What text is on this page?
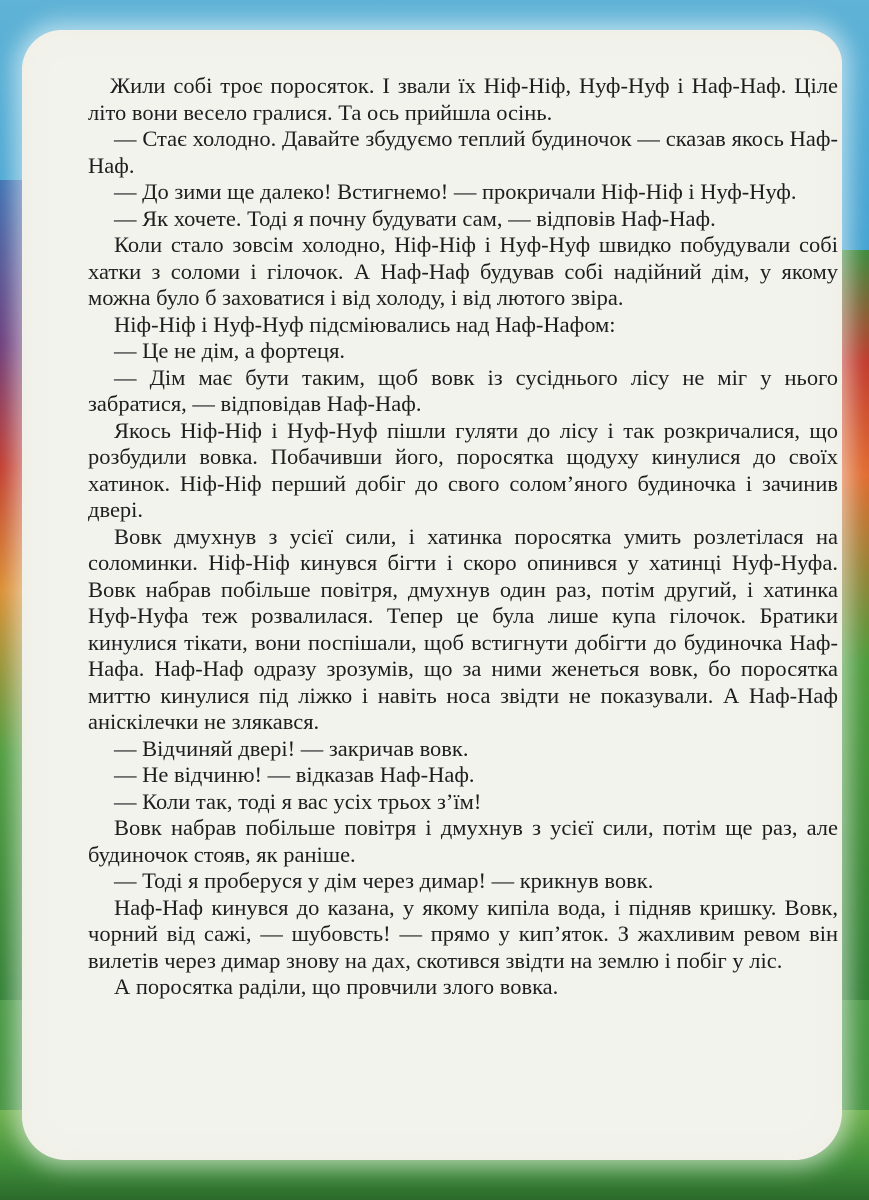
Жили собі троє поросяток. І звали їх Ніф-Ніф, Нуф-Нуф і Наф-Наф. Ціле літо вони весело гралися. Та ось прийшла осінь.

— Стає холодно. Давайте збудуємо теплий будиночок — сказав якось Наф-Наф.

— До зими ще далеко! Встигнемо! — прокричали Ніф-Ніф і Нуф-Нуф.

— Як хочете. Тоді я почну будувати сам, — відповів Наф-Наф.

Коли стало зовсім холодно, Ніф-Ніф і Нуф-Нуф швидко побудували собі хатки з соломи і гілочок. А Наф-Наф будував собі надійний дім, у якому можна було б заховатися і від холоду, і від лютого звіра.

Ніф-Ніф і Нуф-Нуф підсміювались над Наф-Нафом:

— Це не дім, а фортеця.

— Дім має бути таким, щоб вовк із сусіднього лісу не міг у нього забратися, — відповідав Наф-Наф.

Якось Ніф-Ніф і Нуф-Нуф пішли гуляти до лісу і так розкричалися, що розбудили вовка. Побачивши його, поросятка щодуху кинулися до своїх хатинок. Ніф-Ніф перший добіг до свого солом’яного будиночка і зачинив двері.

Вовк дмухнув з усієї сили, і хатинка поросятка умить розлетілася на соломинки. Ніф-Ніф кинувся бігти і скоро опинився у хатинці Нуф-Нуфа. Вовк набрав побільше повітря, дмухнув один раз, потім другий, і хатинка Нуф-Нуфа теж розвалилася. Тепер це була лише купа гілочок. Братики кинулися тікати, вони поспішали, щоб встигнути добігти до будиночка Наф-Нафа. Наф-Наф одразу зрозумів, що за ними женеться вовк, бо поросятка миттю кинулися під ліжко і навіть носа звідти не показували. А Наф-Наф аніскілечки не злякався.

— Відчиняй двері! — закричав вовк.

— Не відчиню! — відказав Наф-Наф.

— Коли так, тоді я вас усіх трьох з’їм!

Вовк набрав побільше повітря і дмухнув з усієї сили, потім ще раз, але будиночок стояв, як раніше.

— Тоді я проберуся у дім через димар! — крикнув вовк.

Наф-Наф кинувся до казана, у якому кипіла вода, і підняв кришку. Вовк, чорний від сажі, — шубовсть! — прямо у кип’яток. З жахливим ревом він вилетів через димар знову на дах, скотився звідти на землю і побіг у ліс.

А поросятка раділи, що провчили злого вовка.
